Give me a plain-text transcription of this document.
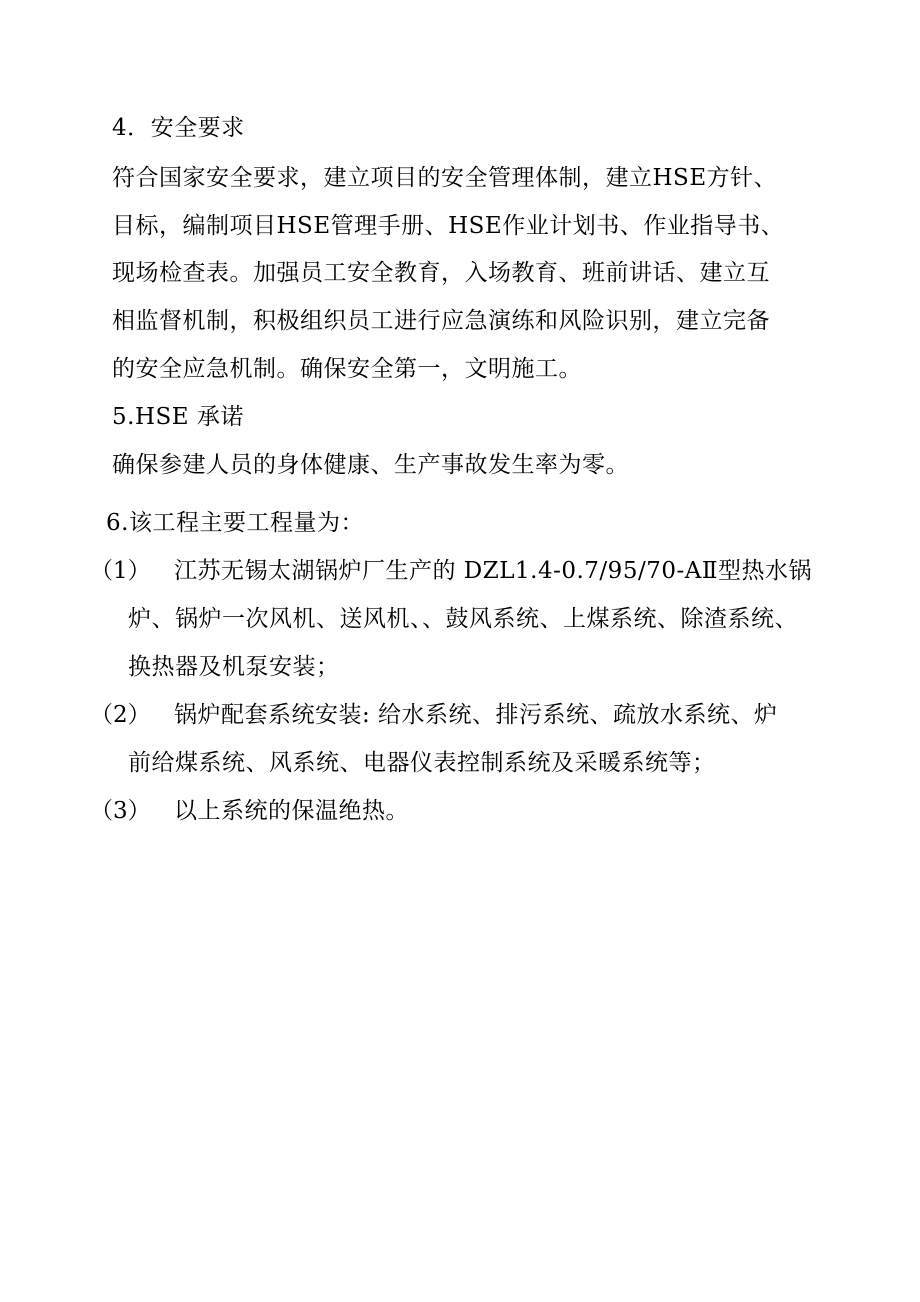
4．安全要求
符合国家安全要求，建立项目的安全管理体制，建立HSE方针、
目标，编制项目HSE管理手册、HSE作业计划书、作业指导书、
现场检查表。加强员工安全教育，入场教育、班前讲话、建立互
相监督机制，积极组织员工进行应急演练和风险识别，建立完备
的安全应急机制。确保安全第一，文明施工。
5.HSE 承诺
确保参建人员的身体健康、生产事故发生率为零。
6.该工程主要工程量为：
（1） 江苏无锡太湖锅炉厂生产的 DZL1.4-0.7/95/70-AⅡ型热水锅
炉、锅炉一次风机、送风机、、鼓风系统、上煤系统、除渣系统、
换热器及机泵安装；
（2） 锅炉配套系统安装: 给水系统、排污系统、疏放水系统、炉
前给煤系统、风系统、电器仪表控制系统及采暖系统等；
（3） 以上系统的保温绝热。
